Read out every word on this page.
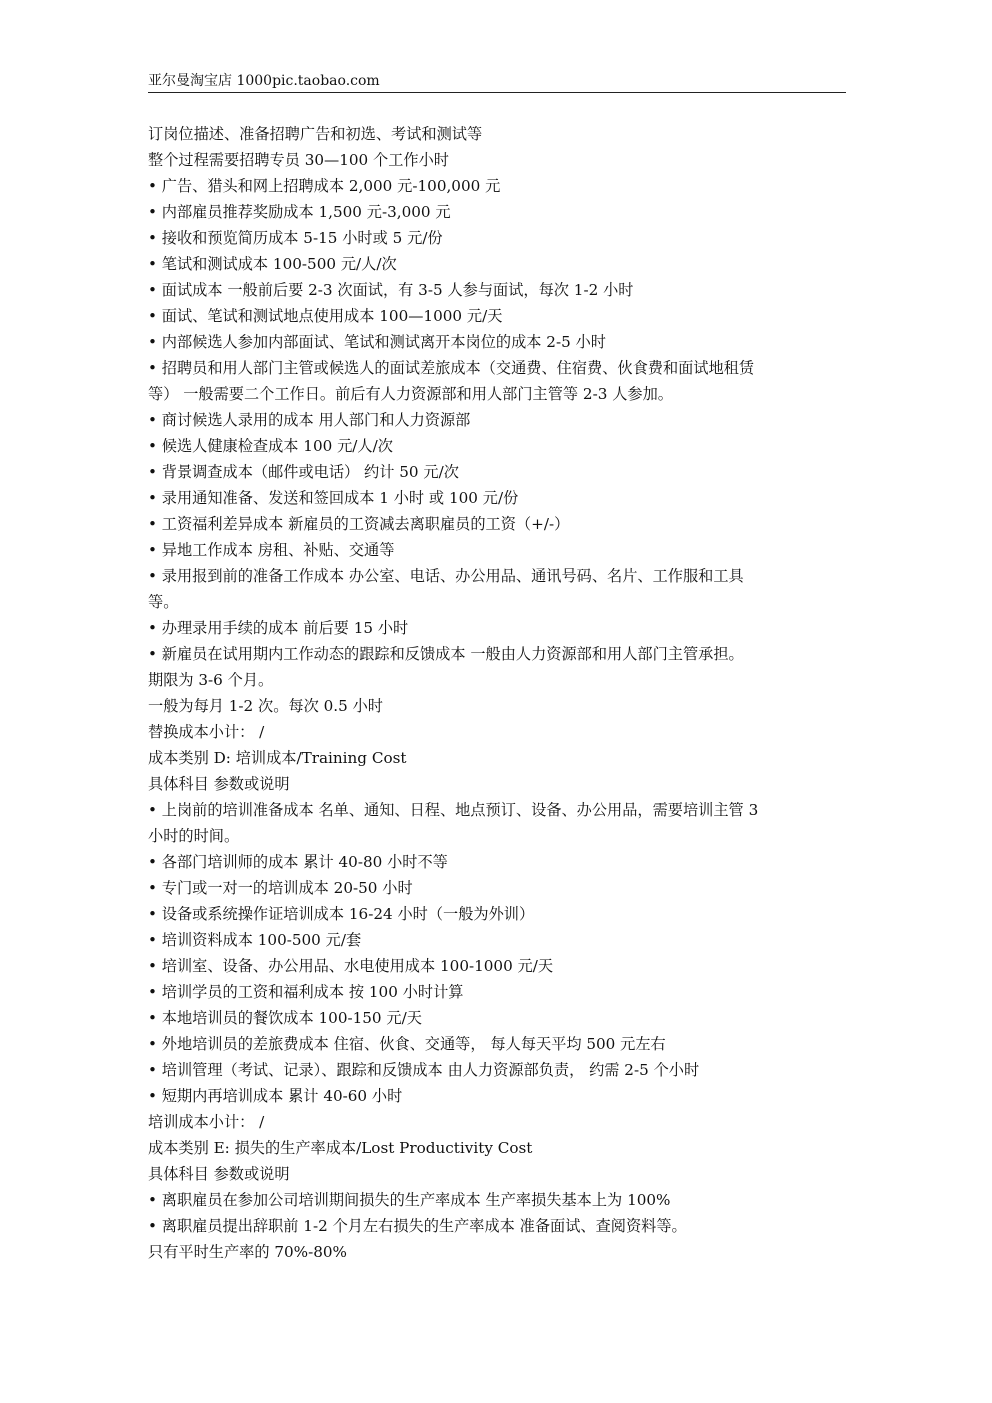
亚尔曼淘宝店 1000pic.taobao.com
订岗位描述、准备招聘广告和初选、考试和测试等
整个过程需要招聘专员 30—100 个工作小时
• 广告、猎头和网上招聘成本 2,000 元-100,000 元
• 内部雇员推荐奖励成本 1,500 元-3,000 元
• 接收和预览简历成本 5-15 小时或 5 元/份
• 笔试和测试成本 100-500 元/人/次
• 面试成本 一般前后要 2-3 次面试，有 3-5 人参与面试，每次 1-2 小时
• 面试、笔试和测试地点使用成本 100—1000 元/天
• 内部候选人参加内部面试、笔试和测试离开本岗位的成本 2-5 小时
• 招聘员和用人部门主管或候选人的面试差旅成本（交通费、住宿费、伙食费和面试地租赁
等） 一般需要二个工作日。前后有人力资源部和用人部门主管等 2-3 人参加。
• 商讨候选人录用的成本 用人部门和人力资源部
• 候选人健康检查成本 100 元/人/次
• 背景调查成本（邮件或电话） 约计 50 元/次
• 录用通知准备、发送和签回成本 1 小时 或 100 元/份
• 工资福利差异成本 新雇员的工资减去离职雇员的工资（+/-）
• 异地工作成本 房租、补贴、交通等
• 录用报到前的准备工作成本 办公室、电话、办公用品、通讯号码、名片、工作服和工具
等。
• 办理录用手续的成本 前后要 15 小时
• 新雇员在试用期内工作动态的跟踪和反馈成本 一般由人力资源部和用人部门主管承担。
期限为 3-6 个月。
一般为每月 1-2 次。每次 0.5 小时
替换成本小计： /
成本类别 D: 培训成本/Training Cost
具体科目 参数或说明
• 上岗前的培训准备成本 名单、通知、日程、地点预订、设备、办公用品，需要培训主管 3
小时的时间。
• 各部门培训师的成本 累计 40-80 小时不等
• 专门或一对一的培训成本 20-50 小时
• 设备或系统操作证培训成本 16-24 小时（一般为外训）
• 培训资料成本 100-500 元/套
• 培训室、设备、办公用品、水电使用成本 100-1000 元/天
• 培训学员的工资和福利成本 按 100 小时计算
• 本地培训员的餐饮成本 100-150 元/天
• 外地培训员的差旅费成本 住宿、伙食、交通等， 每人每天平均 500 元左右
• 培训管理（考试、记录）、跟踪和反馈成本 由人力资源部负责， 约需 2-5 个小时
• 短期内再培训成本 累计 40-60 小时
培训成本小计： /
成本类别 E: 损失的生产率成本/Lost Productivity Cost
具体科目 参数或说明
• 离职雇员在参加公司培训期间损失的生产率成本 生产率损失基本上为 100%
• 离职雇员提出辞职前 1-2 个月左右损失的生产率成本 准备面试、查阅资料等。
只有平时生产率的 70%-80%
